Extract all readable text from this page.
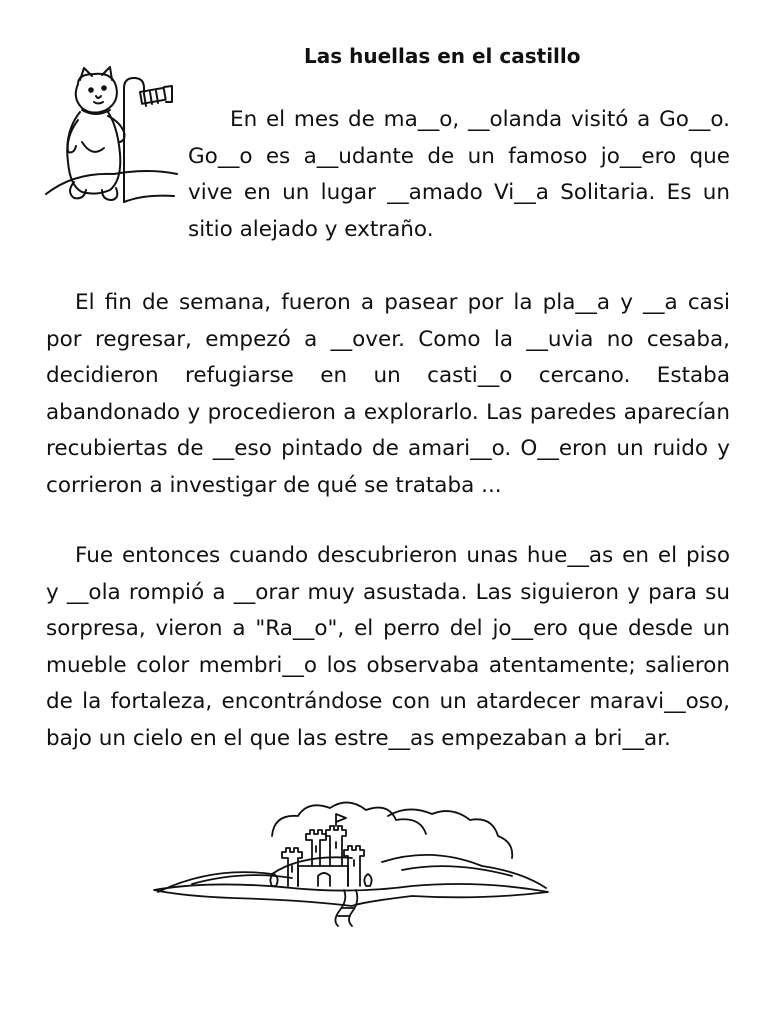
Las huellas en el castillo

En el mes de ma__o, __olanda visitó a Go__o. Go__o es a__udante de un famoso jo__ero que vive en un lugar __amado Vi__a Solitaria. Es un sitio alejado y extraño.

El fin de semana, fueron a pasear por la pla__a y __a casi por regresar, empezó a __over. Como la __uvia no cesaba, decidieron refugiarse en un casti__o cercano. Estaba abandonado y procedieron a explorarlo. Las paredes aparecían recubiertas de __eso pintado de amari__o. O__eron un ruido y corrieron a investigar de qué se trataba ...

Fue entonces cuando descubrieron unas hue__as en el piso y __ola rompió a __orar muy asustada. Las siguieron y para su sorpresa, vieron a "Ra__o", el perro del jo__ero que desde un mueble color membri__o los observaba atentamente; salieron de la fortaleza, encontrándose con un atardecer maravi__oso, bajo un cielo en el que las estre__as empezaban a bri__ar.
